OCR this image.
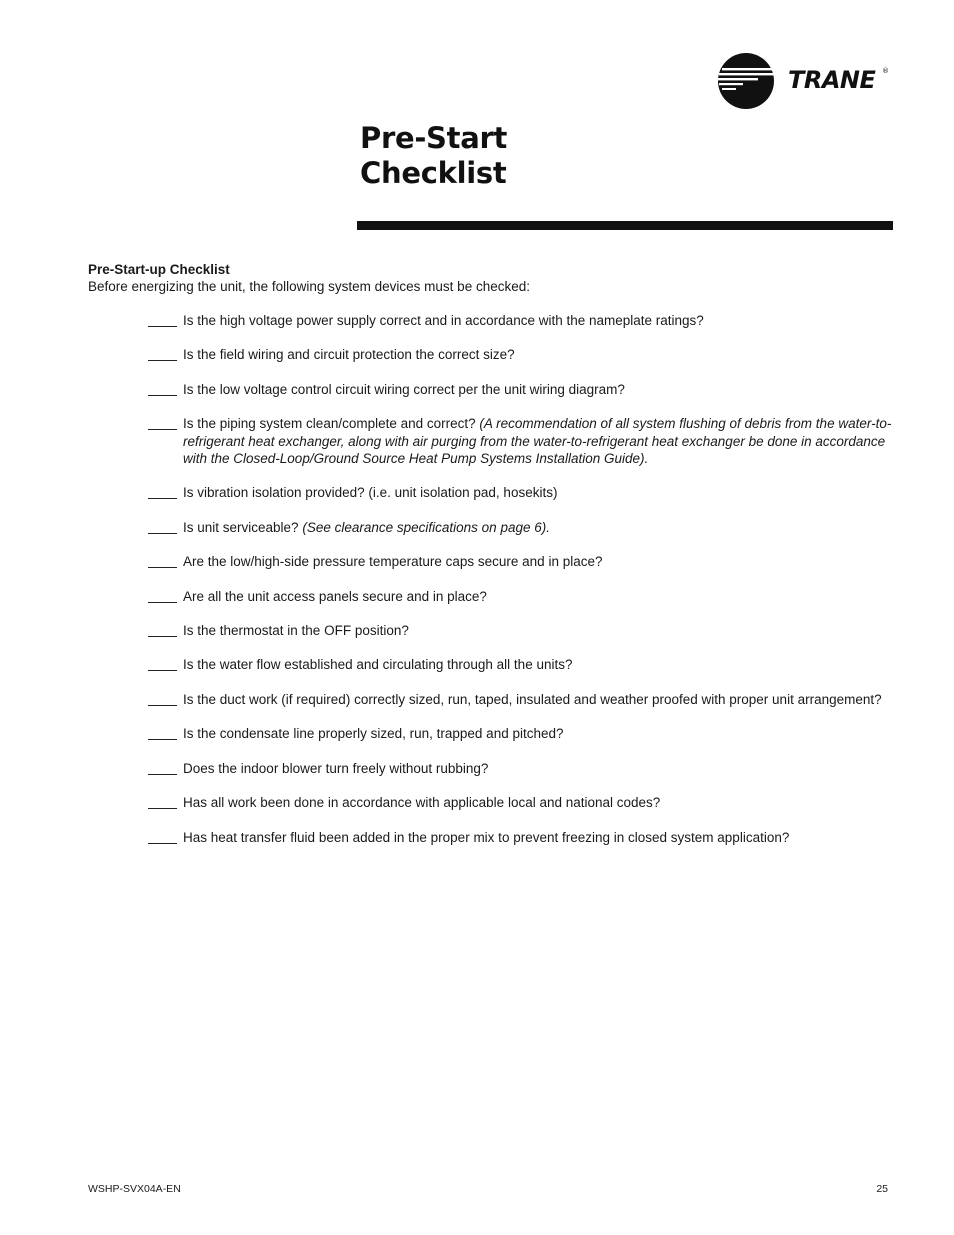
TRANE ®
Pre-Start
Checklist
Pre-Start-up Checklist
Before energizing the unit, the following system devices must be checked:
Is the high voltage power supply correct and in accordance with the nameplate ratings?
Is the field wiring and circuit protection the correct size?
Is the low voltage control circuit wiring correct per the unit wiring diagram?
Is the piping system clean/complete and correct? (A recommendation of all system flushing of debris from the water-to-refrigerant heat exchanger, along with air purging from the water-to-refrigerant heat exchanger be done in accordance with the Closed-Loop/Ground Source Heat Pump Systems Installation Guide).
Is vibration isolation provided? (i.e. unit isolation pad, hosekits)
Is unit serviceable? (See clearance specifications on page 6).
Are the low/high-side pressure temperature caps secure and in place?
Are all the unit access panels secure and in place?
Is the thermostat in the OFF position?
Is the water flow established and circulating through all the units?
Is the duct work (if required) correctly sized, run, taped, insulated and weather proofed with proper unit arrangement?
Is the condensate line properly sized, run, trapped and pitched?
Does the indoor blower turn freely without rubbing?
Has all work been done in accordance with applicable local and national codes?
Has heat transfer fluid been added in the proper mix to prevent freezing in closed system application?
WSHP-SVX04A-EN	25
